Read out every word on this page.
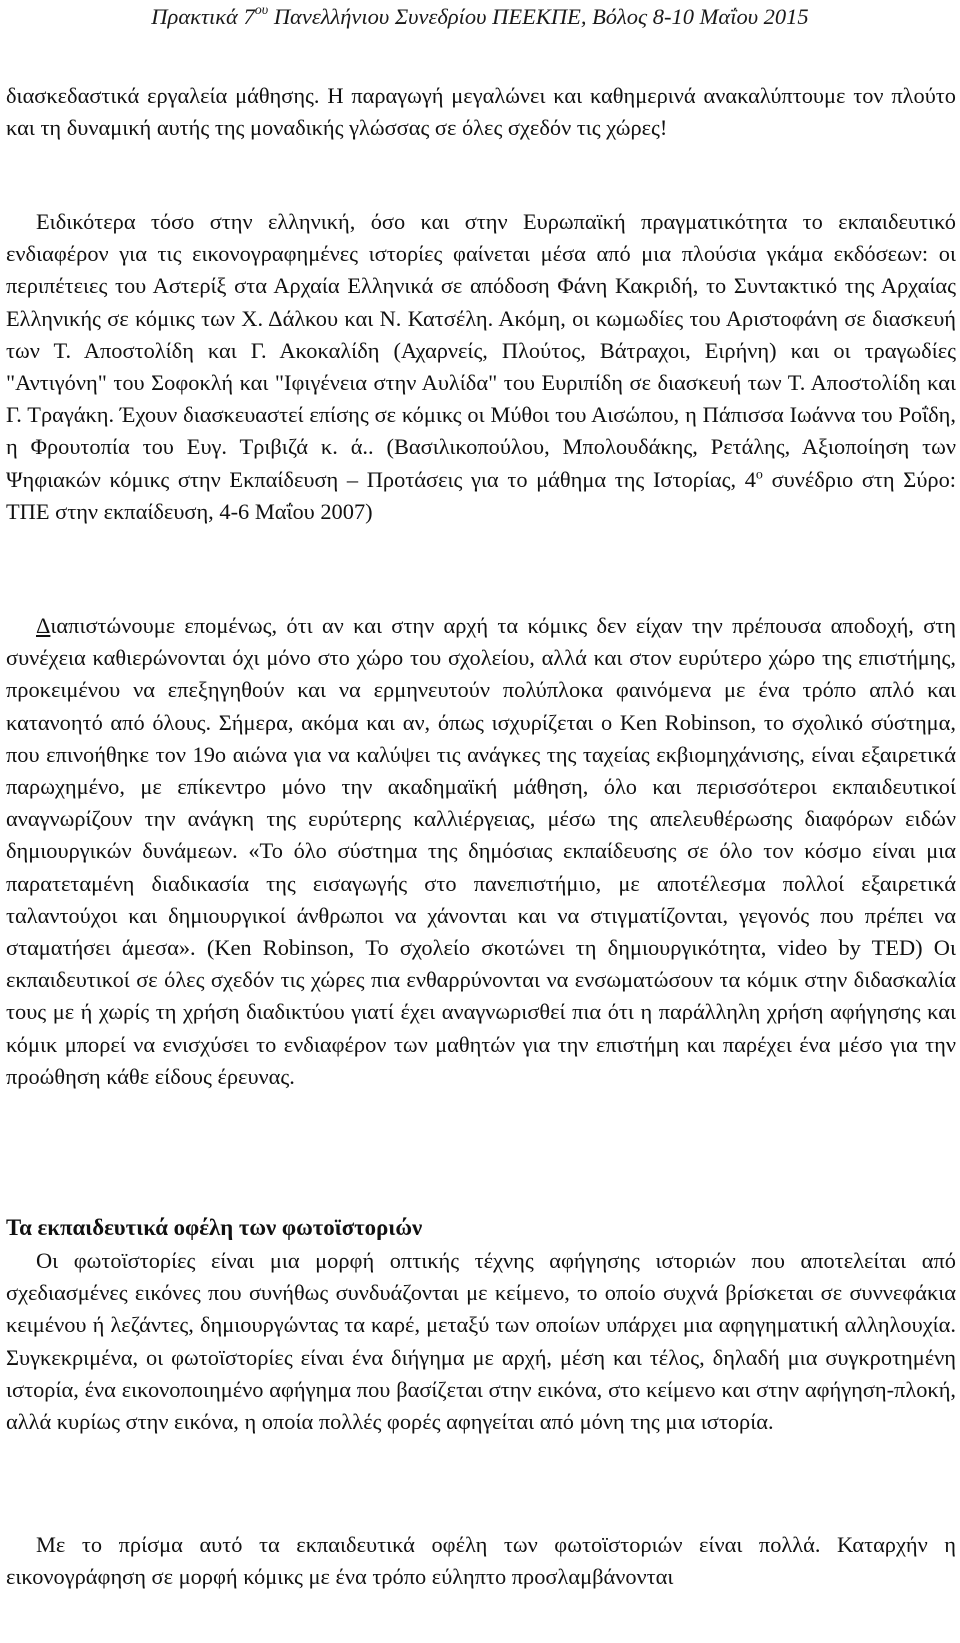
Πρακτικά $7^{o\upsilon}$ Πανελλήνιου Συνεδρίου ΠΕΕΚΠΕ, Βόλος 8-10 Μαΐου 2015

διασκεδαστικά εργαλεία μάθησης. Η παραγωγή μεγαλώνει και καθημερινά ανακαλύπτουμε τον πλούτο και τη δυναμική αυτής της μοναδικής γλώσσας σε όλες σχεδόν τις χώρες!

Ειδικότερα τόσο στην ελληνική, όσο και στην Ευρωπαϊκή πραγματικότητα το εκπαιδευτικό ενδιαφέρον για τις εικονογραφημένες ιστορίες φαίνεται μέσα από μια πλούσια γκάμα εκδόσεων: οι περιπέτειες του Αστερίξ στα Αρχαία Ελληνικά σε απόδοση Φάνη Κακριδή, το Συντακτικό της Αρχαίας Ελληνικής σε κόμικς των Χ. Δάλκου και Ν. Κατσέλη. Ακόμη, οι κωμωδίες του Αριστοφάνη σε διασκευή των Τ. Αποστολίδη και Γ. Ακοκαλίδη (Αχαρνείς, Πλούτος, Βάτραχοι, Ειρήνη) και οι τραγωδίες "Αντιγόνη" του Σοφοκλή και "Ιφιγένεια στην Αυλίδα" του Ευριπίδη σε διασκευή των Τ. Αποστολίδη και Γ. Τραγάκη. Έχουν διασκευαστεί επίσης σε κόμικς οι Μύθοι του Αισώπου, η Πάπισσα Ιωάννα του Ροΐδη, η Φρουτοπία του Ευγ. Τριβιζά κ. ά.. (Βασιλικοπούλου, Μπολουδάκης, Ρετάλης, Αξιοποίηση των Ψηφιακών κόμικς στην Εκπαίδευση – Προτάσεις για το μάθημα της Ιστορίας, $4^o$ συνέδριο στη Σύρο: ΤΠΕ στην εκπαίδευση, 4-6 Μαΐου 2007)

Διαπιστώνουμε επομένως, ότι αν και στην αρχή τα κόμικς δεν είχαν την πρέπουσα αποδοχή, στη συνέχεια καθιερώνονται όχι μόνο στο χώρο του σχολείου, αλλά και στον ευρύτερο χώρο της επιστήμης, προκειμένου να επεξηγηθούν και να ερμηνευτούν πολύπλοκα φαινόμενα με ένα τρόπο απλό και κατανοητό από όλους. Σήμερα, ακόμα και αν, όπως ισχυρίζεται ο Ken Robinson, το σχολικό σύστημα, που επινοήθηκε τον 19ο αιώνα για να καλύψει τις ανάγκες της ταχείας εκβιομηχάνισης, είναι εξαιρετικά παρωχημένο, με επίκεντρο μόνο την ακαδημαϊκή μάθηση, όλο και περισσότεροι εκπαιδευτικοί αναγνωρίζουν την ανάγκη της ευρύτερης καλλιέργειας, μέσω της απελευθέρωσης διαφόρων ειδών δημιουργικών δυνάμεων. «Το όλο σύστημα της δημόσιας εκπαίδευσης σε όλο τον κόσμο είναι μια παρατεταμένη διαδικασία της εισαγωγής στο πανεπιστήμιο, με αποτέλεσμα πολλοί εξαιρετικά ταλαντούχοι και δημιουργικοί άνθρωποι να χάνονται και να στιγματίζονται, γεγονός που πρέπει να σταματήσει άμεσα». (Ken Robinson, Το σχολείο σκοτώνει τη δημιουργικότητα, video by TED) Οι εκπαιδευτικοί σε όλες σχεδόν τις χώρες πια ενθαρρύνονται να ενσωματώσουν τα κόμικ στην διδασκαλία τους με ή χωρίς τη χρήση διαδικτύου γιατί έχει αναγνωρισθεί πια ότι η παράλληλη χρήση αφήγησης και κόμικ μπορεί να ενισχύσει το ενδιαφέρον των μαθητών για την επιστήμη και παρέχει ένα μέσο για την προώθηση κάθε είδους έρευνας.

Τα εκπαιδευτικά οφέλη των φωτοϊστοριών

Οι φωτοϊστορίες είναι μια μορφή οπτικής τέχνης αφήγησης ιστοριών που αποτελείται από σχεδιασμένες εικόνες που συνήθως συνδυάζονται με κείμενο, το οποίο συχνά βρίσκεται σε συννεφάκια κειμένου ή λεζάντες, δημιουργώντας τα καρέ, μεταξύ των οποίων υπάρχει μια αφηγηματική αλληλουχία. Συγκεκριμένα, οι φωτοϊστορίες είναι ένα διήγημα με αρχή, μέση και τέλος, δηλαδή μια συγκροτημένη ιστορία, ένα εικονοποιημένο αφήγημα που βασίζεται στην εικόνα, στο κείμενο και στην αφήγηση-πλοκή, αλλά κυρίως στην εικόνα, η οποία πολλές φορές αφηγείται από μόνη της μια ιστορία.

Με το πρίσμα αυτό τα εκπαιδευτικά οφέλη των φωτοϊστοριών είναι πολλά. Καταρχήν η εικονογράφηση σε μορφή κόμικς με ένα τρόπο εύληπτο προσλαμβάνονται
